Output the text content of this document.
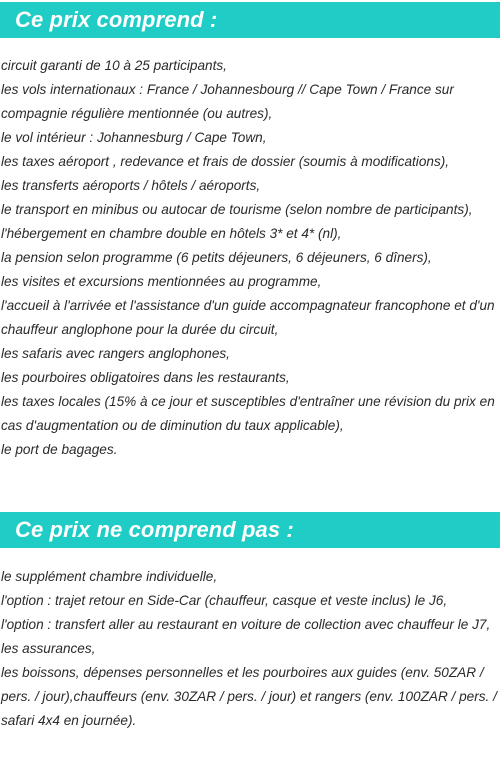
Ce prix comprend :
circuit garanti de 10 à 25 participants,
les vols internationaux : France / Johannesbourg // Cape Town / France sur compagnie régulière mentionnée (ou autres),
le vol intérieur : Johannesburg / Cape Town,
les taxes aéroport , redevance et frais de dossier (soumis à modifications),
les transferts aéroports / hôtels / aéroports,
le transport en minibus ou autocar de tourisme (selon nombre de participants),
l'hébergement en chambre double en hôtels 3* et 4* (nl),
la pension selon programme (6 petits déjeuners, 6 déjeuners, 6 dîners),
les visites et excursions mentionnées au programme,
l'accueil à l'arrivée et l'assistance d'un guide accompagnateur francophone et d'un chauffeur anglophone pour la durée du circuit,
les safaris avec rangers anglophones,
les pourboires obligatoires dans les restaurants,
les taxes locales (15% à ce jour et susceptibles d'entraîner une révision du prix en cas d'augmentation ou de diminution du taux applicable),
le port de bagages.
Ce prix ne comprend pas :
le supplément chambre individuelle,
l'option : trajet retour en Side-Car (chauffeur, casque et veste inclus) le J6,
l'option : transfert aller au restaurant en voiture de collection avec chauffeur le J7,
les assurances,
les boissons, dépenses personnelles et les pourboires aux guides (env. 50ZAR / pers. / jour),chauffeurs (env. 30ZAR / pers. / jour) et rangers (env. 100ZAR / pers. / safari 4x4 en journée).
